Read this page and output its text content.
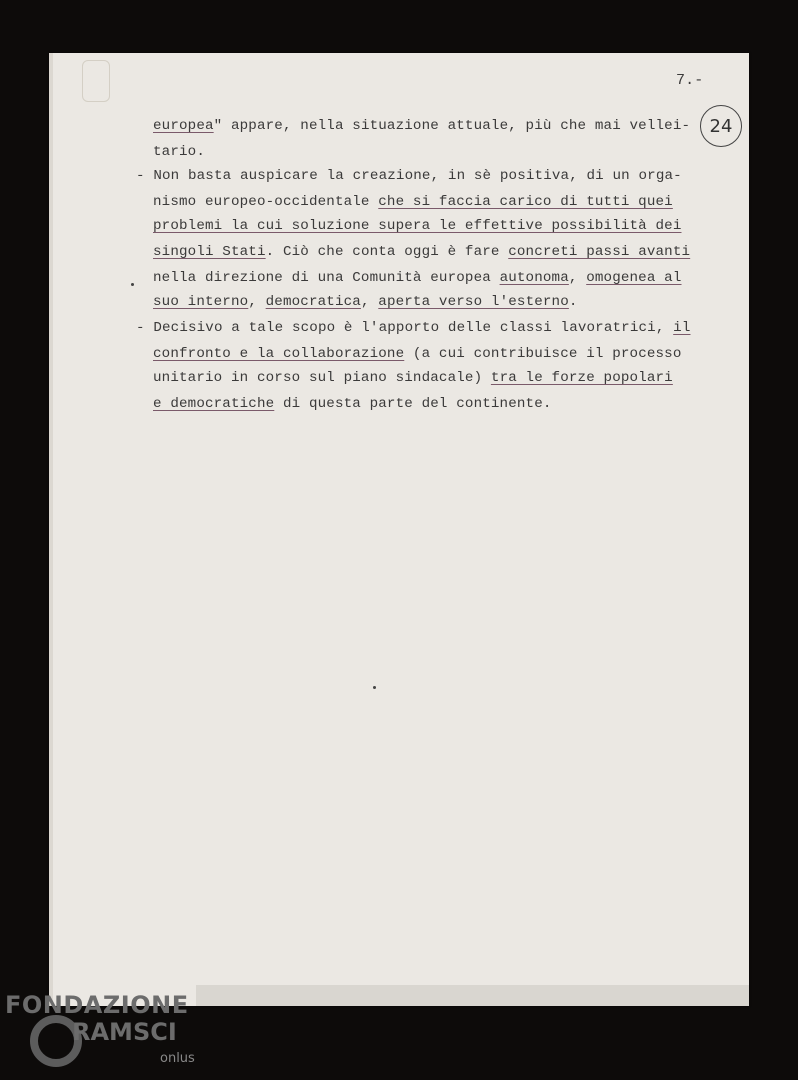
7.-
24
europea" appare, nella situazione attuale, più che mai vellei-
tario.
- Non basta auspicare la creazione, in sè positiva, di un orga-
nismo europeo-occidentale che si faccia carico di tutti quei
problemi la cui soluzione supera le effettive possibilità dei
singoli Stati. Ciò che conta oggi è fare concreti passi avanti
nella direzione di una Comunità europea autonoma, omogenea al
suo interno, democratica, aperta verso l'esterno.
- Decisivo a tale scopo è l'apporto delle classi lavoratrici, il
confronto e la collaborazione (a cui contribuisce il processo
unitario in corso sul piano sindacale) tra le forze popolari
e democratiche di questa parte del continente.
FONDAZIONE
RAMSCI
onlus
